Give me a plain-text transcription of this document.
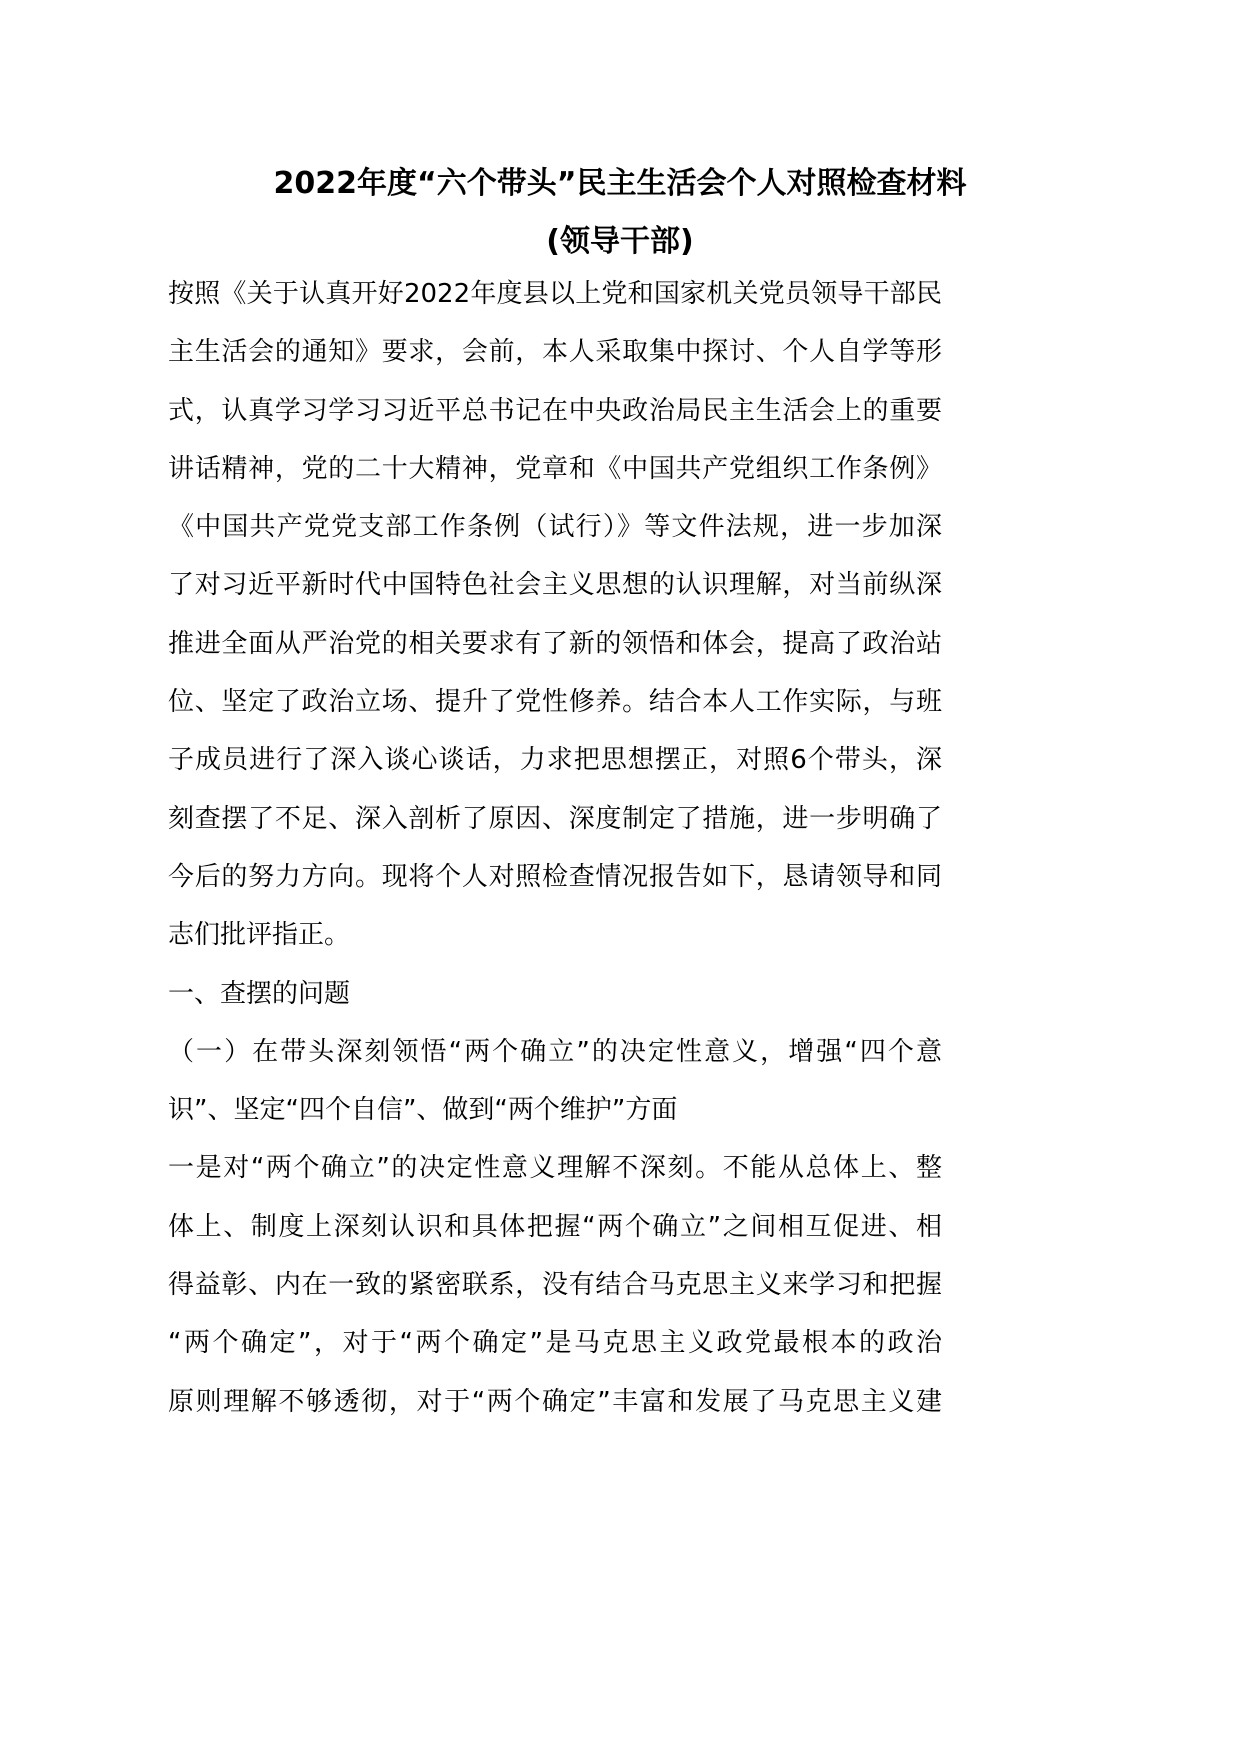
2022年度“六个带头”民主生活会个人对照检查材料
(领导干部)
按照《关于认真开好2022年度县以上党和国家机关党员领导干部民
主生活会的通知》要求，会前，本人采取集中探讨、个人自学等形
式，认真学习学习习近平总书记在中央政治局民主生活会上的重要
讲话精神，党的二十大精神，党章和《中国共产党组织工作条例》
《中国共产党党支部工作条例（试行）》等文件法规，进一步加深
了对习近平新时代中国特色社会主义思想的认识理解，对当前纵深
推进全面从严治党的相关要求有了新的领悟和体会，提高了政治站
位、坚定了政治立场、提升了党性修养。结合本人工作实际，与班
子成员进行了深入谈心谈话，力求把思想摆正，对照6个带头，深
刻查摆了不足、深入剖析了原因、深度制定了措施，进一步明确了
今后的努力方向。现将个人对照检查情况报告如下，恳请领导和同
志们批评指正。
一、查摆的问题
（一）在带头深刻领悟“两个确立”的决定性意义，增强“四个意
识”、坚定“四个自信”、做到“两个维护”方面
一是对“两个确立”的决定性意义理解不深刻。不能从总体上、整
体上、制度上深刻认识和具体把握“两个确立”之间相互促进、相
得益彰、内在一致的紧密联系，没有结合马克思主义来学习和把握
“两个确定”，对于“两个确定”是马克思主义政党最根本的政治
原则理解不够透彻，对于“两个确定”丰富和发展了马克思主义建
